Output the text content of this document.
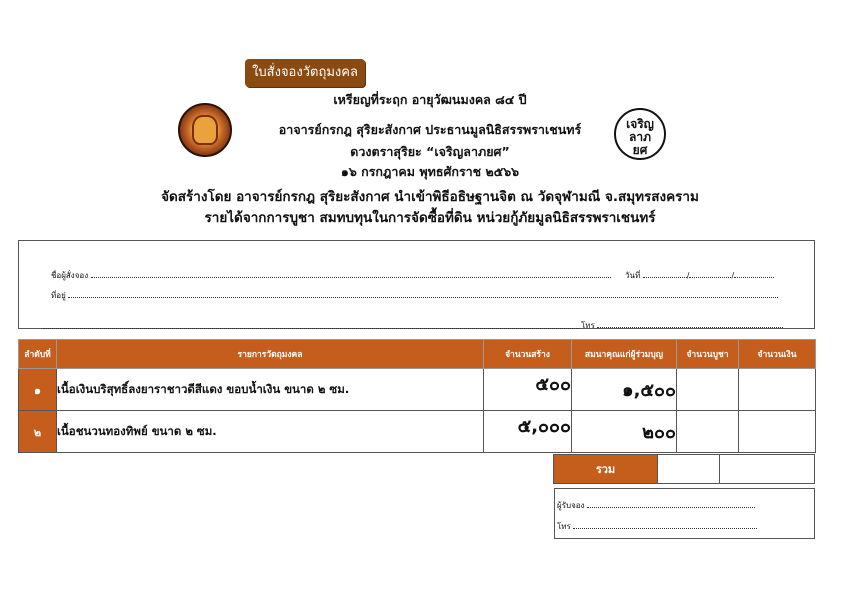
ใบสั่งจองวัตถุมงคล
เหรียญที่ระฤก อายุวัฒนมงคล ๘๔ ปี
อาจารย์กรกฎ สุริยะสังกาศ ประธานมูลนิธิสรรพราเชนทร์
ดวงตราสุริยะ “เจริญลาภยศ”
๑๖ กรกฎาคม พุทธศักราช ๒๕๖๖
เจริญ
ลาภ
ยศ
จัดสร้างโดย อาจารย์กรกฎ สุริยะสังกาศ นำเข้าพิธีอธิษฐานจิต ณ วัดจุฬามณี จ.สมุทรสงคราม
รายได้จากการบูชา สมทบทุนในการจัดซื้อที่ดิน หน่วยกู้ภัยมูลนิธิสรรพราเชนทร์
ชื่อผู้สั่งจอง	วันที่	/	/
ที่อยู่
โทร
ลำดับที่	รายการวัตถุมงคล	จำนวนสร้าง	สมนาคุณแก่ผู้ร่วมบุญ	จำนวนบูชา	จำนวนเงิน
๑	เนื้อเงินบริสุทธิ์ลงยาราชาวดีสีแดง ขอบน้ำเงิน ขนาด ๒ ซม.	๕๐๐	๑,๕๐๐		
๒	เนื้อชนวนทองทิพย์ ขนาด ๒ ซม.	๕,๐๐๐	๒๐๐		
รวม
ผู้รับจอง
โทร
